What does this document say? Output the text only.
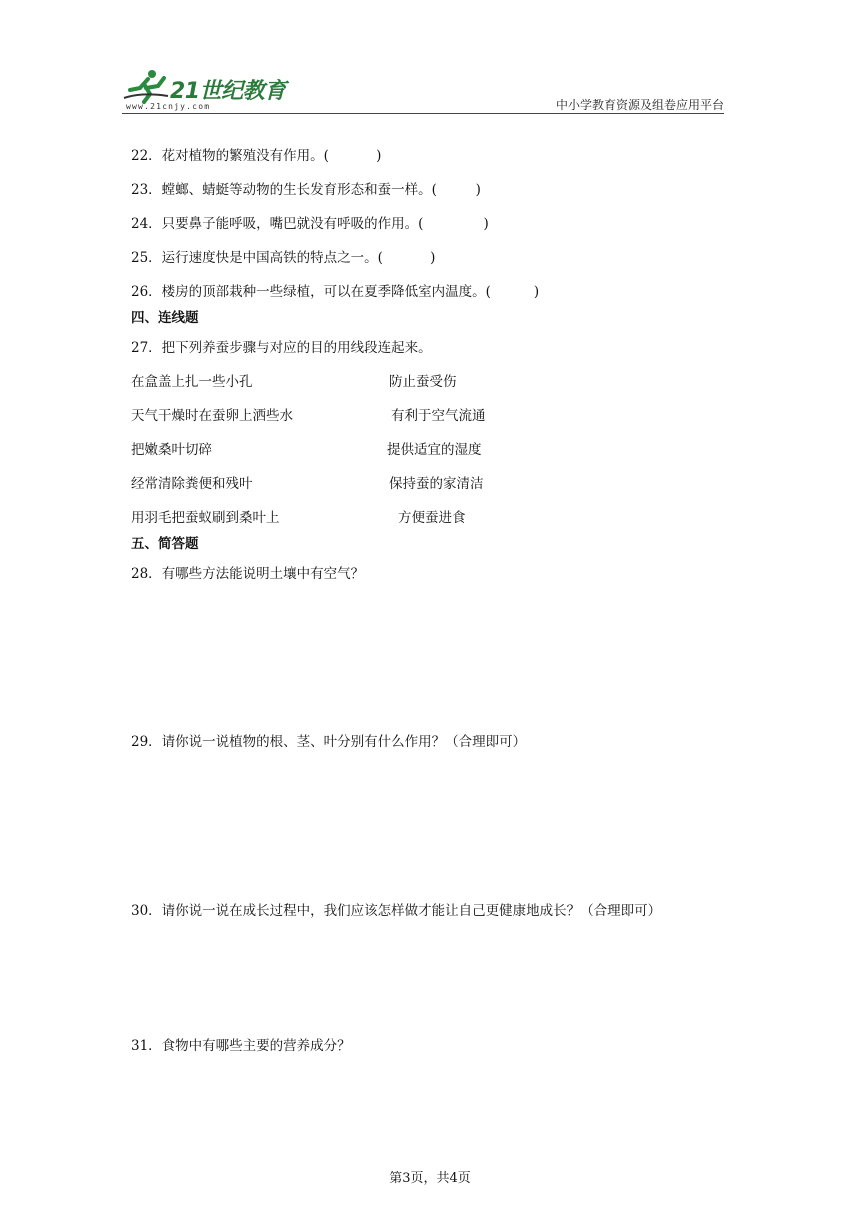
21世纪教育
www.21cnjy.com	中小学教育资源及组卷应用平台
22．花对植物的繁殖没有作用。(           )
23．螳螂、蜻蜓等动物的生长发育形态和蚕一样。(         )
24．只要鼻子能呼吸，嘴巴就没有呼吸的作用。(              )
25．运行速度快是中国高铁的特点之一。(           )
26．楼房的顶部栽种一些绿植，可以在夏季降低室内温度。(          )
四、连线题
27．把下列养蚕步骤与对应的目的用线段连起来。
在盒盖上扎一些小孔
天气干燥时在蚕卵上洒些水
把嫩桑叶切碎
经常清除粪便和残叶
用羽毛把蚕蚁刷到桑叶上
防止蚕受伤
有利于空气流通
提供适宜的湿度
保持蚕的家清洁
方便蚕进食
五、简答题
28．有哪些方法能说明土壤中有空气？
29．请你说一说植物的根、茎、叶分别有什么作用？（合理即可）
30．请你说一说在成长过程中，我们应该怎样做才能让自己更健康地成长？（合理即可）
31．食物中有哪些主要的营养成分？
第3页，共4页
